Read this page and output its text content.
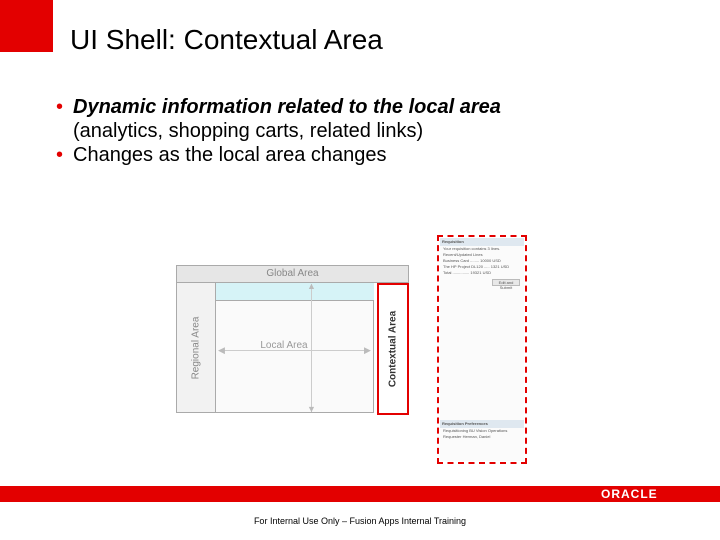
UI Shell: Contextual Area
• Dynamic information related to the local area
(analytics, shopping carts, related links)
• Changes as the local area changes
Global Area
Regional Area
▲
▼
◀	▶
Local Area	Contextual Area
Requisition
Your requisition contains 3 lines.
Recent/Updated Lines
Business Card ........ 10000 USD
The HP Project DL120 ..... 1321 USD
Total ............... 19321 USD
Edit and Submit
Requisition Preferences
Requisitioning BU Vision Operations
Requester Herman, Daniel
ORACLE
For Internal Use Only – Fusion Apps Internal Training
